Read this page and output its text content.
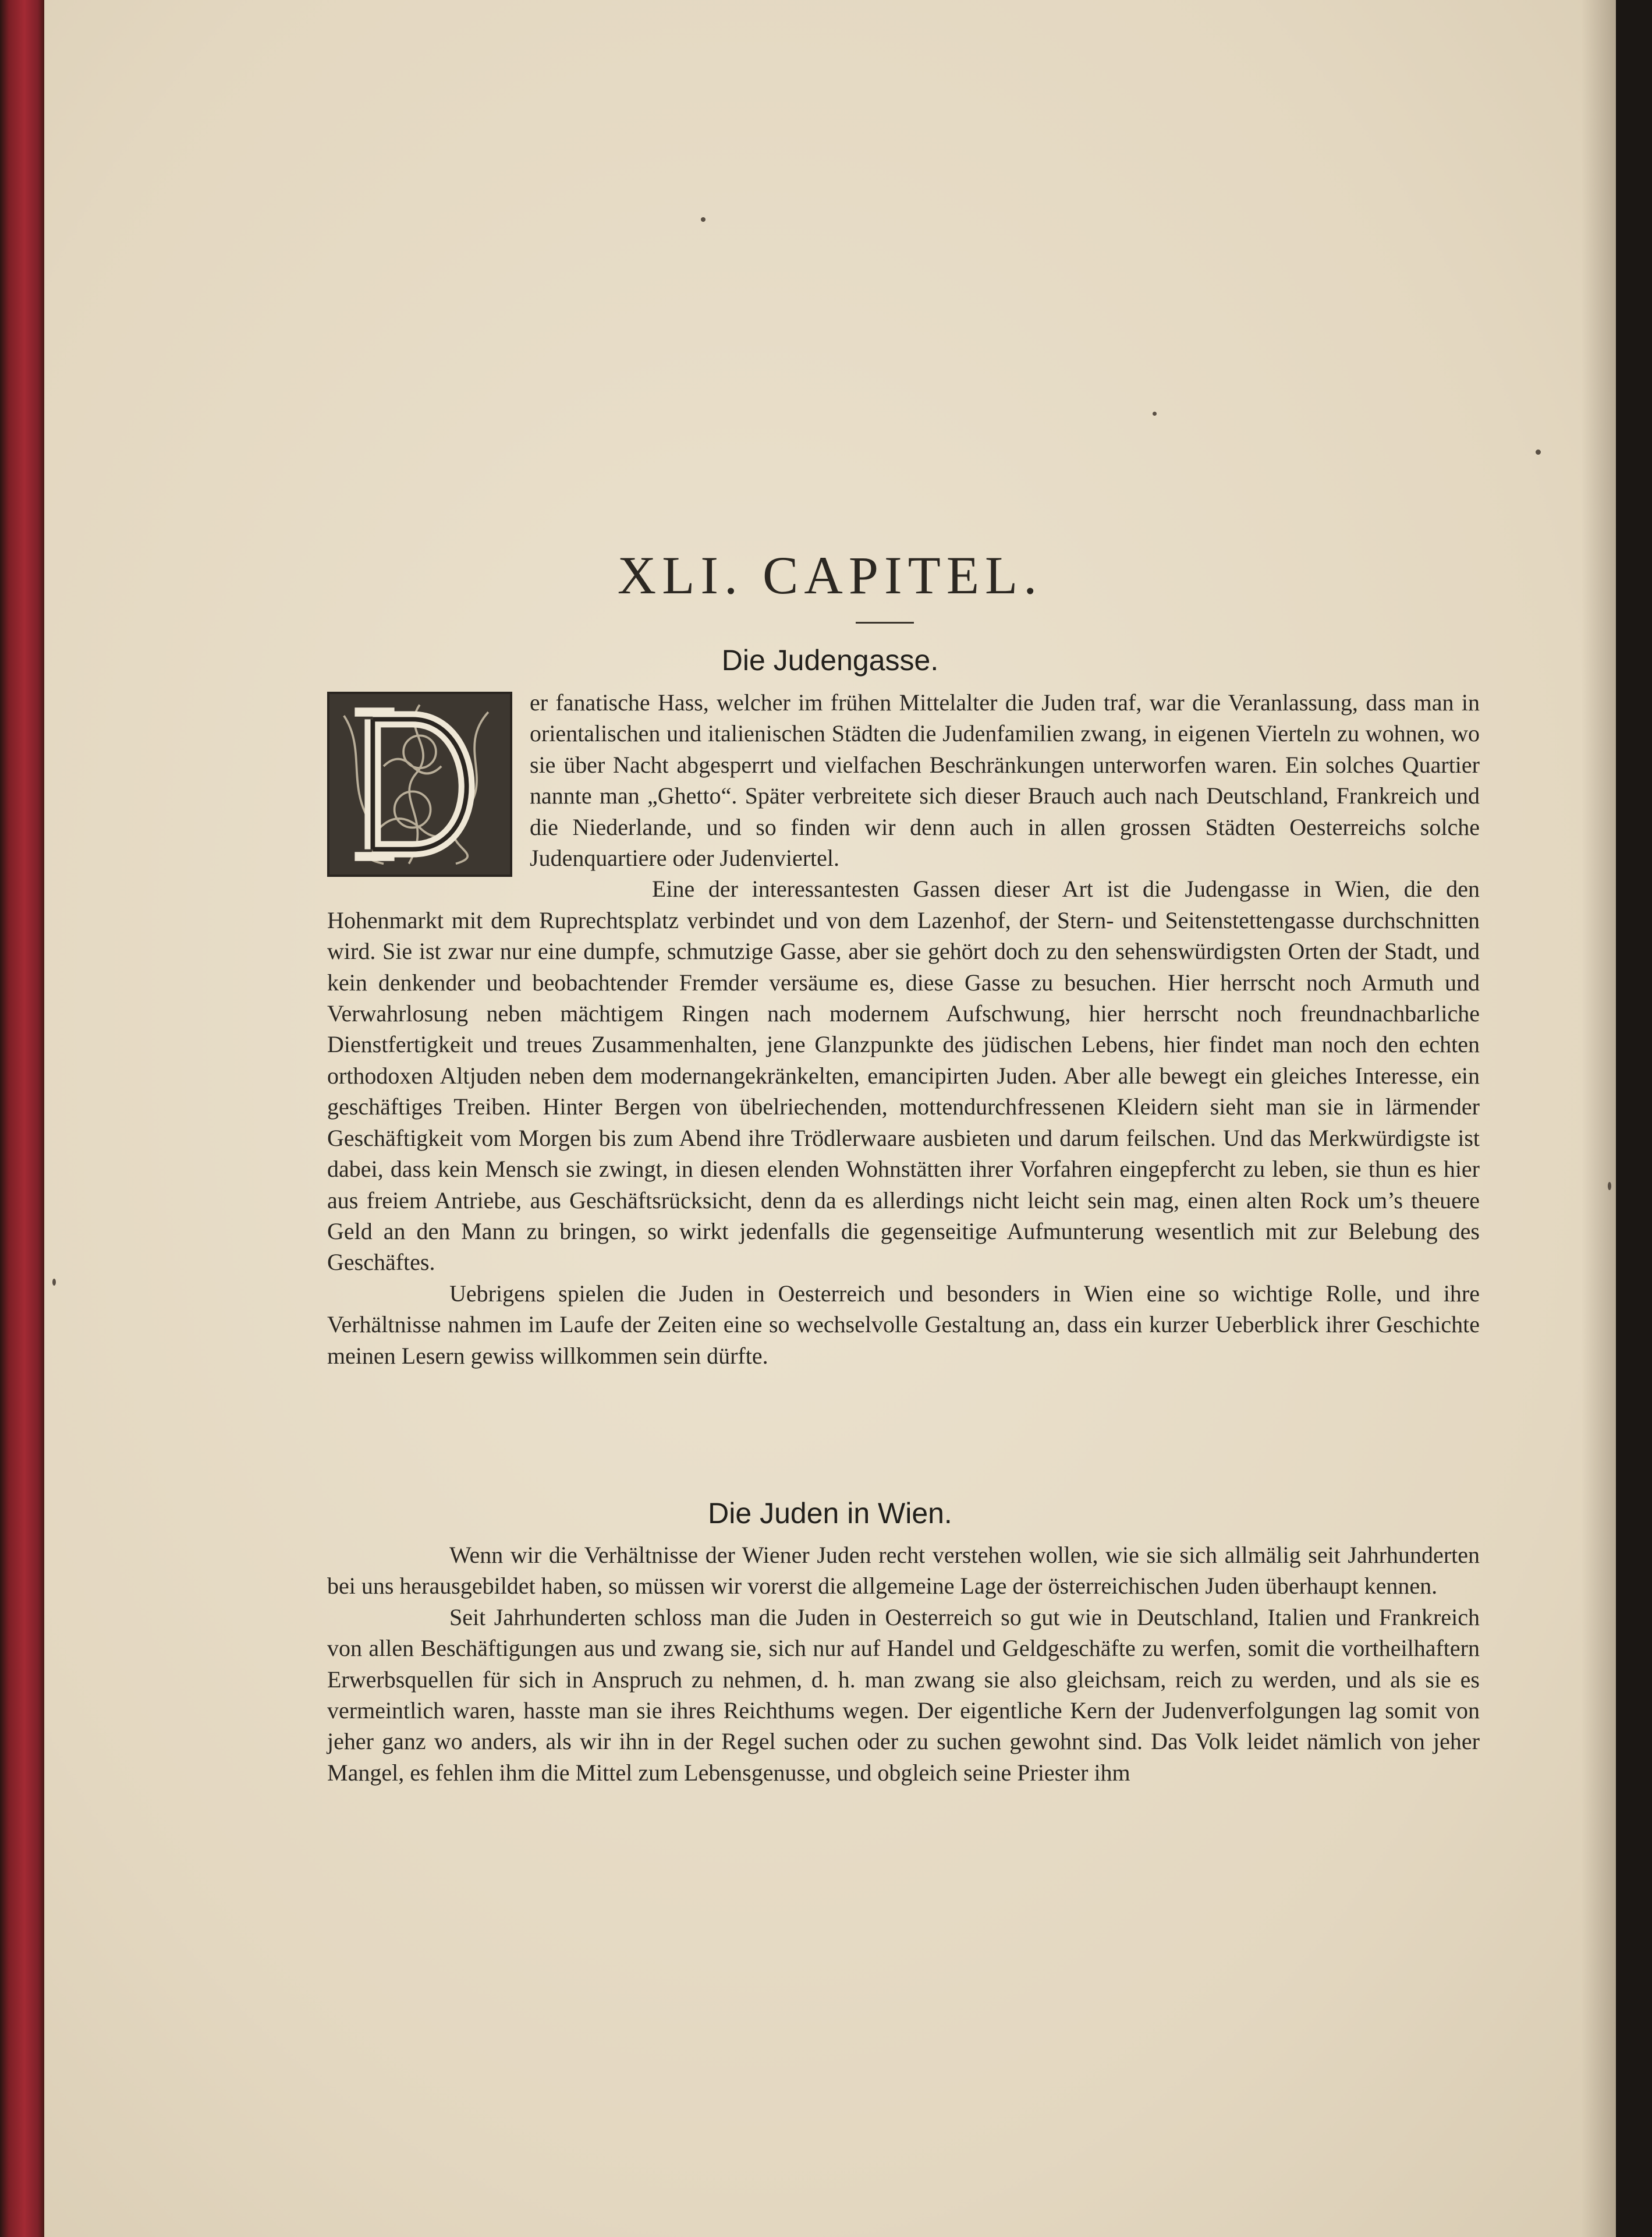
XLI. CAPITEL.
Die Judengasse.

er fanatische Hass, welcher im frühen Mittelalter die Juden traf, war die Veranlassung, dass man in orientalischen und italienischen Städten die Judenfamilien zwang, in eigenen Vierteln zu wohnen, wo sie über Nacht abgesperrt und vielfachen Beschränkungen unterworfen waren. Ein solches Quartier nannte man „Ghetto“. Später verbreitete sich dieser Brauch auch nach Deutschland, Frankreich und die Niederlande, und so finden wir denn auch in allen grossen Städten Oesterreichs solche Judenquartiere oder Judenviertel.

Eine der interessantesten Gassen dieser Art ist die Judengasse in Wien, die den Hohenmarkt mit dem Ruprechtsplatz verbindet und von dem Lazenhof, der Stern- und Seitenstettengasse durchschnitten wird. Sie ist zwar nur eine dumpfe, schmutzige Gasse, aber sie gehört doch zu den sehenswürdigsten Orten der Stadt, und kein denkender und beobachtender Fremder versäume es, diese Gasse zu besuchen. Hier herrscht noch Armuth und Verwahrlosung neben mächtigem Ringen nach modernem Aufschwung, hier herrscht noch freundnachbarliche Dienstfertigkeit und treues Zusammenhalten, jene Glanzpunkte des jüdischen Lebens, hier findet man noch den echten orthodoxen Altjuden neben dem modernangekränkelten, emancipirten Juden. Aber alle bewegt ein gleiches Interesse, ein geschäftiges Treiben. Hinter Bergen von übelriechenden, mottendurchfressenen Kleidern sieht man sie in lärmender Geschäftigkeit vom Morgen bis zum Abend ihre Trödlerwaare ausbieten und darum feilschen. Und das Merkwürdigste ist dabei, dass kein Mensch sie zwingt, in diesen elenden Wohnstätten ihrer Vorfahren eingepfercht zu leben, sie thun es hier aus freiem Antriebe, aus Geschäftsrücksicht, denn da es allerdings nicht leicht sein mag, einen alten Rock um’s theuere Geld an den Mann zu bringen, so wirkt jedenfalls die gegenseitige Aufmunterung wesentlich mit zur Belebung des Geschäftes.

Uebrigens spielen die Juden in Oesterreich und besonders in Wien eine so wichtige Rolle, und ihre Verhältnisse nahmen im Laufe der Zeiten eine so wechselvolle Gestaltung an, dass ein kurzer Ueberblick ihrer Geschichte meinen Lesern gewiss willkommen sein dürfte.

Die Juden in Wien.

Wenn wir die Verhältnisse der Wiener Juden recht verstehen wollen, wie sie sich allmälig seit Jahrhunderten bei uns herausgebildet haben, so müssen wir vorerst die allgemeine Lage der österreichischen Juden überhaupt kennen.

Seit Jahrhunderten schloss man die Juden in Oesterreich so gut wie in Deutschland, Italien und Frankreich von allen Beschäftigungen aus und zwang sie, sich nur auf Handel und Geldgeschäfte zu werfen, somit die vortheilhaftern Erwerbsquellen für sich in Anspruch zu nehmen, d. h. man zwang sie also gleichsam, reich zu werden, und als sie es vermeintlich waren, hasste man sie ihres Reichthums wegen. Der eigentliche Kern der Judenverfolgungen lag somit von jeher ganz wo anders, als wir ihn in der Regel suchen oder zu suchen gewohnt sind. Das Volk leidet nämlich von jeher Mangel, es fehlen ihm die Mittel zum Lebensgenusse, und obgleich seine Priester ihm
